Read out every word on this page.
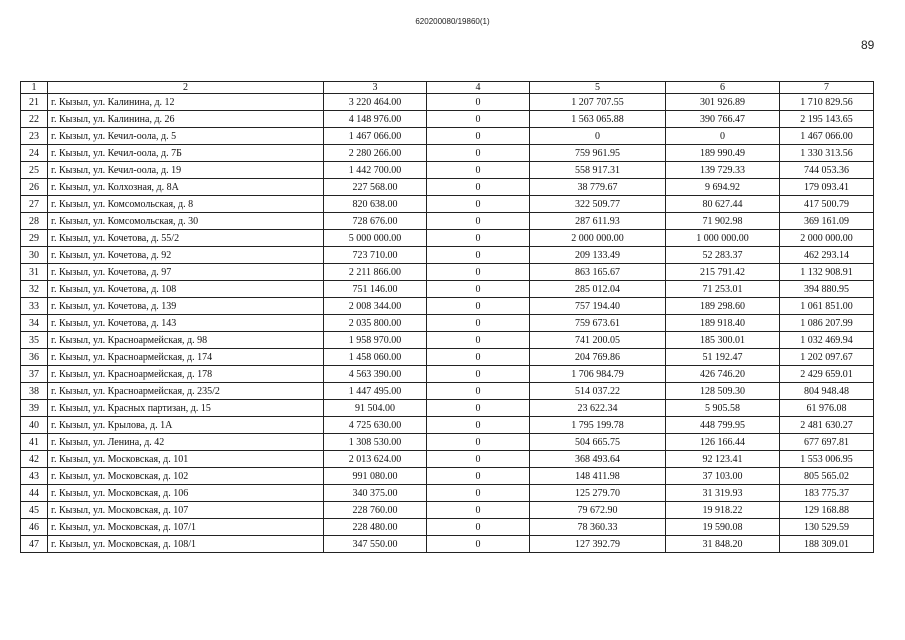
620200080/19860(1)
89
1	2	3	4	5	6	7
21	г. Кызыл, ул. Калинина, д. 12	3 220 464.00	0	1 207 707.55	301 926.89	1 710 829.56
22	г. Кызыл, ул. Калинина, д. 26	4 148 976.00	0	1 563 065.88	390 766.47	2 195 143.65
23	г. Кызыл, ул. Кечил-оола, д. 5	1 467 066.00	0	0	0	1 467 066.00
24	г. Кызыл, ул. Кечил-оола, д. 7Б	2 280 266.00	0	759 961.95	189 990.49	1 330 313.56
25	г. Кызыл, ул. Кечил-оола, д. 19	1 442 700.00	0	558 917.31	139 729.33	744 053.36
26	г. Кызыл, ул. Колхозная, д. 8А	227 568.00	0	38 779.67	9 694.92	179 093.41
27	г. Кызыл, ул. Комсомольская, д. 8	820 638.00	0	322 509.77	80 627.44	417 500.79
28	г. Кызыл, ул. Комсомольская, д. 30	728 676.00	0	287 611.93	71 902.98	369 161.09
29	г. Кызыл, ул. Кочетова, д. 55/2	5 000 000.00	0	2 000 000.00	1 000 000.00	2 000 000.00
30	г. Кызыл, ул. Кочетова, д. 92	723 710.00	0	209 133.49	52 283.37	462 293.14
31	г. Кызыл, ул. Кочетова, д. 97	2 211 866.00	0	863 165.67	215 791.42	1 132 908.91
32	г. Кызыл, ул. Кочетова, д. 108	751 146.00	0	285 012.04	71 253.01	394 880.95
33	г. Кызыл, ул. Кочетова, д. 139	2 008 344.00	0	757 194.40	189 298.60	1 061 851.00
34	г. Кызыл, ул. Кочетова, д. 143	2 035 800.00	0	759 673.61	189 918.40	1 086 207.99
35	г. Кызыл, ул. Красноармейская, д. 98	1 958 970.00	0	741 200.05	185 300.01	1 032 469.94
36	г. Кызыл, ул. Красноармейская, д. 174	1 458 060.00	0	204 769.86	51 192.47	1 202 097.67
37	г. Кызыл, ул. Красноармейская, д. 178	4 563 390.00	0	1 706 984.79	426 746.20	2 429 659.01
38	г. Кызыл, ул. Красноармейская, д. 235/2	1 447 495.00	0	514 037.22	128 509.30	804 948.48
39	г. Кызыл, ул. Красных партизан, д. 15	91 504.00	0	23 622.34	5 905.58	61 976.08
40	г. Кызыл, ул. Крылова, д. 1А	4 725 630.00	0	1 795 199.78	448 799.95	2 481 630.27
41	г. Кызыл, ул. Ленина, д. 42	1 308 530.00	0	504 665.75	126 166.44	677 697.81
42	г. Кызыл, ул. Московская, д. 101	2 013 624.00	0	368 493.64	92 123.41	1 553 006.95
43	г. Кызыл, ул. Московская, д. 102	991 080.00	0	148 411.98	37 103.00	805 565.02
44	г. Кызыл, ул. Московская, д. 106	340 375.00	0	125 279.70	31 319.93	183 775.37
45	г. Кызыл, ул. Московская, д. 107	228 760.00	0	79 672.90	19 918.22	129 168.88
46	г. Кызыл, ул. Московская, д. 107/1	228 480.00	0	78 360.33	19 590.08	130 529.59
47	г. Кызыл, ул. Московская, д. 108/1	347 550.00	0	127 392.79	31 848.20	188 309.01
